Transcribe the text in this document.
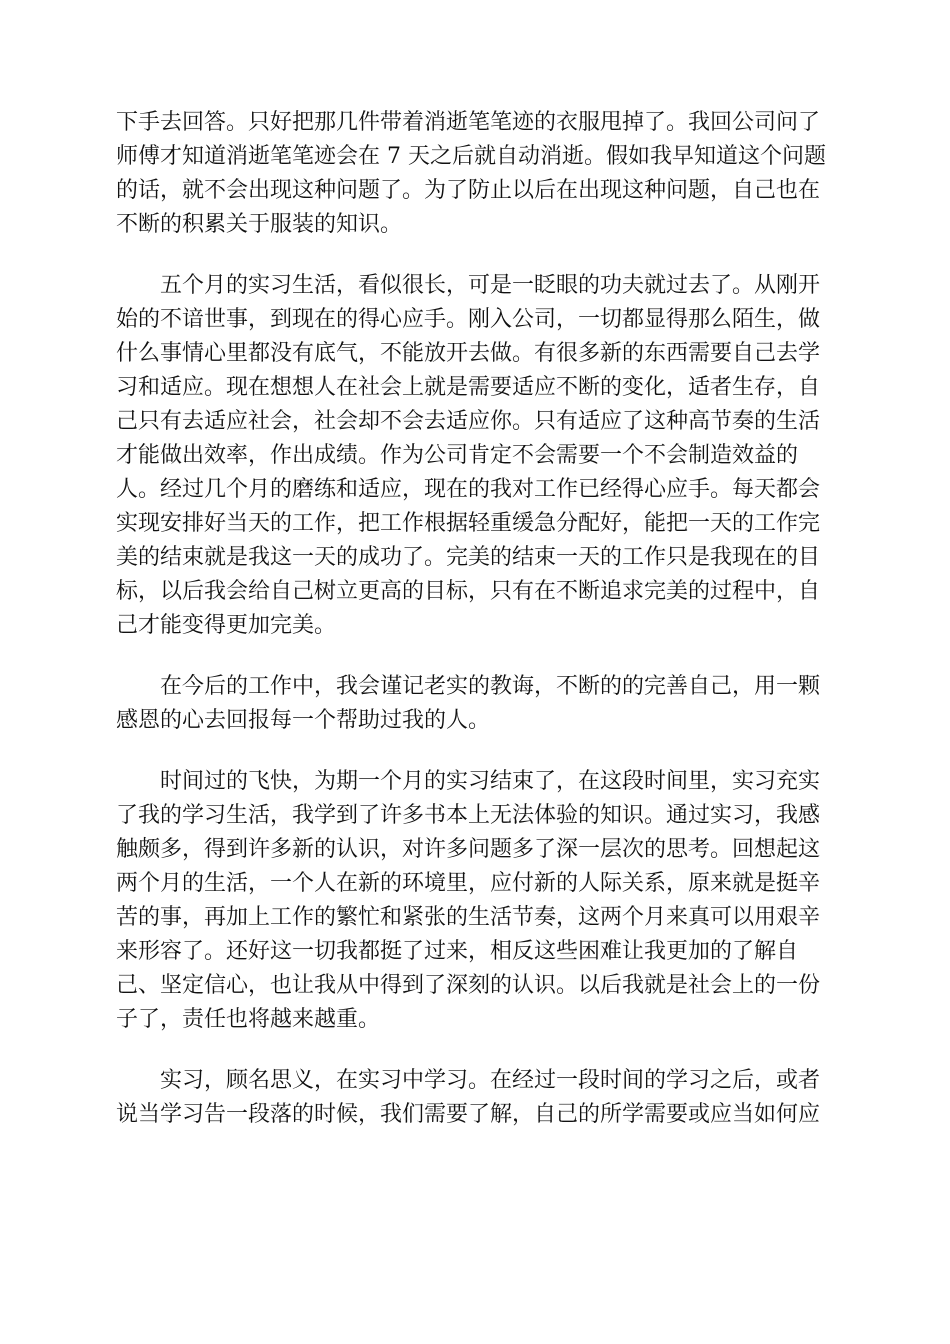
下手去回答。只好把那几件带着消逝笔笔迹的衣服甩掉了。我回公司问了
师傅才知道消逝笔笔迹会在 7 天之后就自动消逝。假如我早知道这个问题
的话，就不会出现这种问题了。为了防止以后在出现这种问题，自己也在
不断的积累关于服装的知识。
五个月的实习生活，看似很长，可是一眨眼的功夫就过去了。从刚开
始的不谙世事，到现在的得心应手。刚入公司，一切都显得那么陌生，做
什么事情心里都没有底气，不能放开去做。有很多新的东西需要自己去学
习和适应。现在想想人在社会上就是需要适应不断的变化，适者生存，自
己只有去适应社会，社会却不会去适应你。只有适应了这种高节奏的生活
才能做出效率，作出成绩。作为公司肯定不会需要一个不会制造效益的
人。经过几个月的磨练和适应，现在的我对工作已经得心应手。每天都会
实现安排好当天的工作，把工作根据轻重缓急分配好，能把一天的工作完
美的结束就是我这一天的成功了。完美的结束一天的工作只是我现在的目
标，以后我会给自己树立更高的目标，只有在不断追求完美的过程中，自
己才能变得更加完美。
在今后的工作中，我会谨记老实的教诲，不断的的完善自己，用一颗
感恩的心去回报每一个帮助过我的人。
时间过的飞快，为期一个月的实习结束了，在这段时间里，实习充实
了我的学习生活，我学到了许多书本上无法体验的知识。通过实习，我感
触颇多，得到许多新的认识，对许多问题多了深一层次的思考。回想起这
两个月的生活，一个人在新的环境里，应付新的人际关系，原来就是挺辛
苦的事，再加上工作的繁忙和紧张的生活节奏，这两个月来真可以用艰辛
来形容了。还好这一切我都挺了过来，相反这些困难让我更加的了解自
己、坚定信心，也让我从中得到了深刻的认识。以后我就是社会上的一份
子了，责任也将越来越重。
实习，顾名思义，在实习中学习。在经过一段时间的学习之后，或者
说当学习告一段落的时候，我们需要了解，自己的所学需要或应当如何应
